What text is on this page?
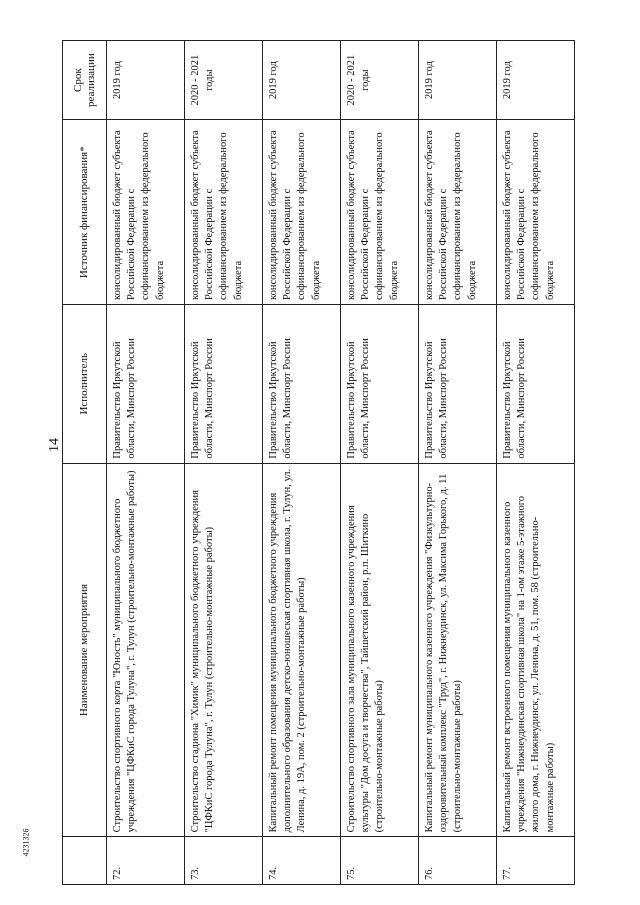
14
4231326
	Наименование мероприятия	Исполнитель	Источник финансирования*	Срок реализации
72.	Строительство спортивного корта "Юность" муниципального бюджетного учреждения "ЦФКиС города Тулуна", г. Тулун (строительно-монтажные работы)	Правительство Иркутской области, Минспорт России	консолидированный бюджет субъекта Российской Федерации с софинансированием из федерального бюджета	2019 год
73.	Строительство стадиона "Химик" муниципального бюджетного учреждения "ЦФКиС города Тулуна", г. Тулун (строительно-монтажные работы)	Правительство Иркутской области, Минспорт России	консолидированный бюджет субъекта Российской Федерации с софинансированием из федерального бюджета	2020 - 2021 годы
74.	Капитальный ремонт помещения муниципального бюджетного учреждения дополнительного образования детско-юношеская спортивная школа, г. Тулун, ул. Ленина, д. 19А, пом. 2 (строительно-монтажные работы)	Правительство Иркутской области, Минспорт России	консолидированный бюджет субъекта Российской Федерации с софинансированием из федерального бюджета	2019 год
75.	Строительство спортивного зала муниципального казенного учреждения культуры "Дом досуга и творчества", Тайшетский район, р.п. Шиткино (строительно-монтажные работы)	Правительство Иркутской области, Минспорт России	консолидированный бюджет субъекта Российской Федерации с софинансированием из федерального бюджета	2020 - 2021 годы
76.	Капитальный ремонт муниципального казенного учреждения "Физкультурно-оздоровительный комплекс "Труд", г. Нижнеудинск, ул. Максима Горького, д. 11 (строительно-монтажные работы)	Правительство Иркутской области, Минспорт России	консолидированный бюджет субъекта Российской Федерации с софинансированием из федерального бюджета	2019 год
77.	Капитальный ремонт встроенного помещения муниципального казенного учреждения "Нижнеудинская спортивная школа" на 1-ом этаже 5-этажного жилого дома, г. Нижнеудинск, ул. Ленина, д. 51, пом. 58 (строительно-монтажные работы)	Правительство Иркутской области, Минспорт России	консолидированный бюджет субъекта Российской Федерации с софинансированием из федерального бюджета	2019 год
